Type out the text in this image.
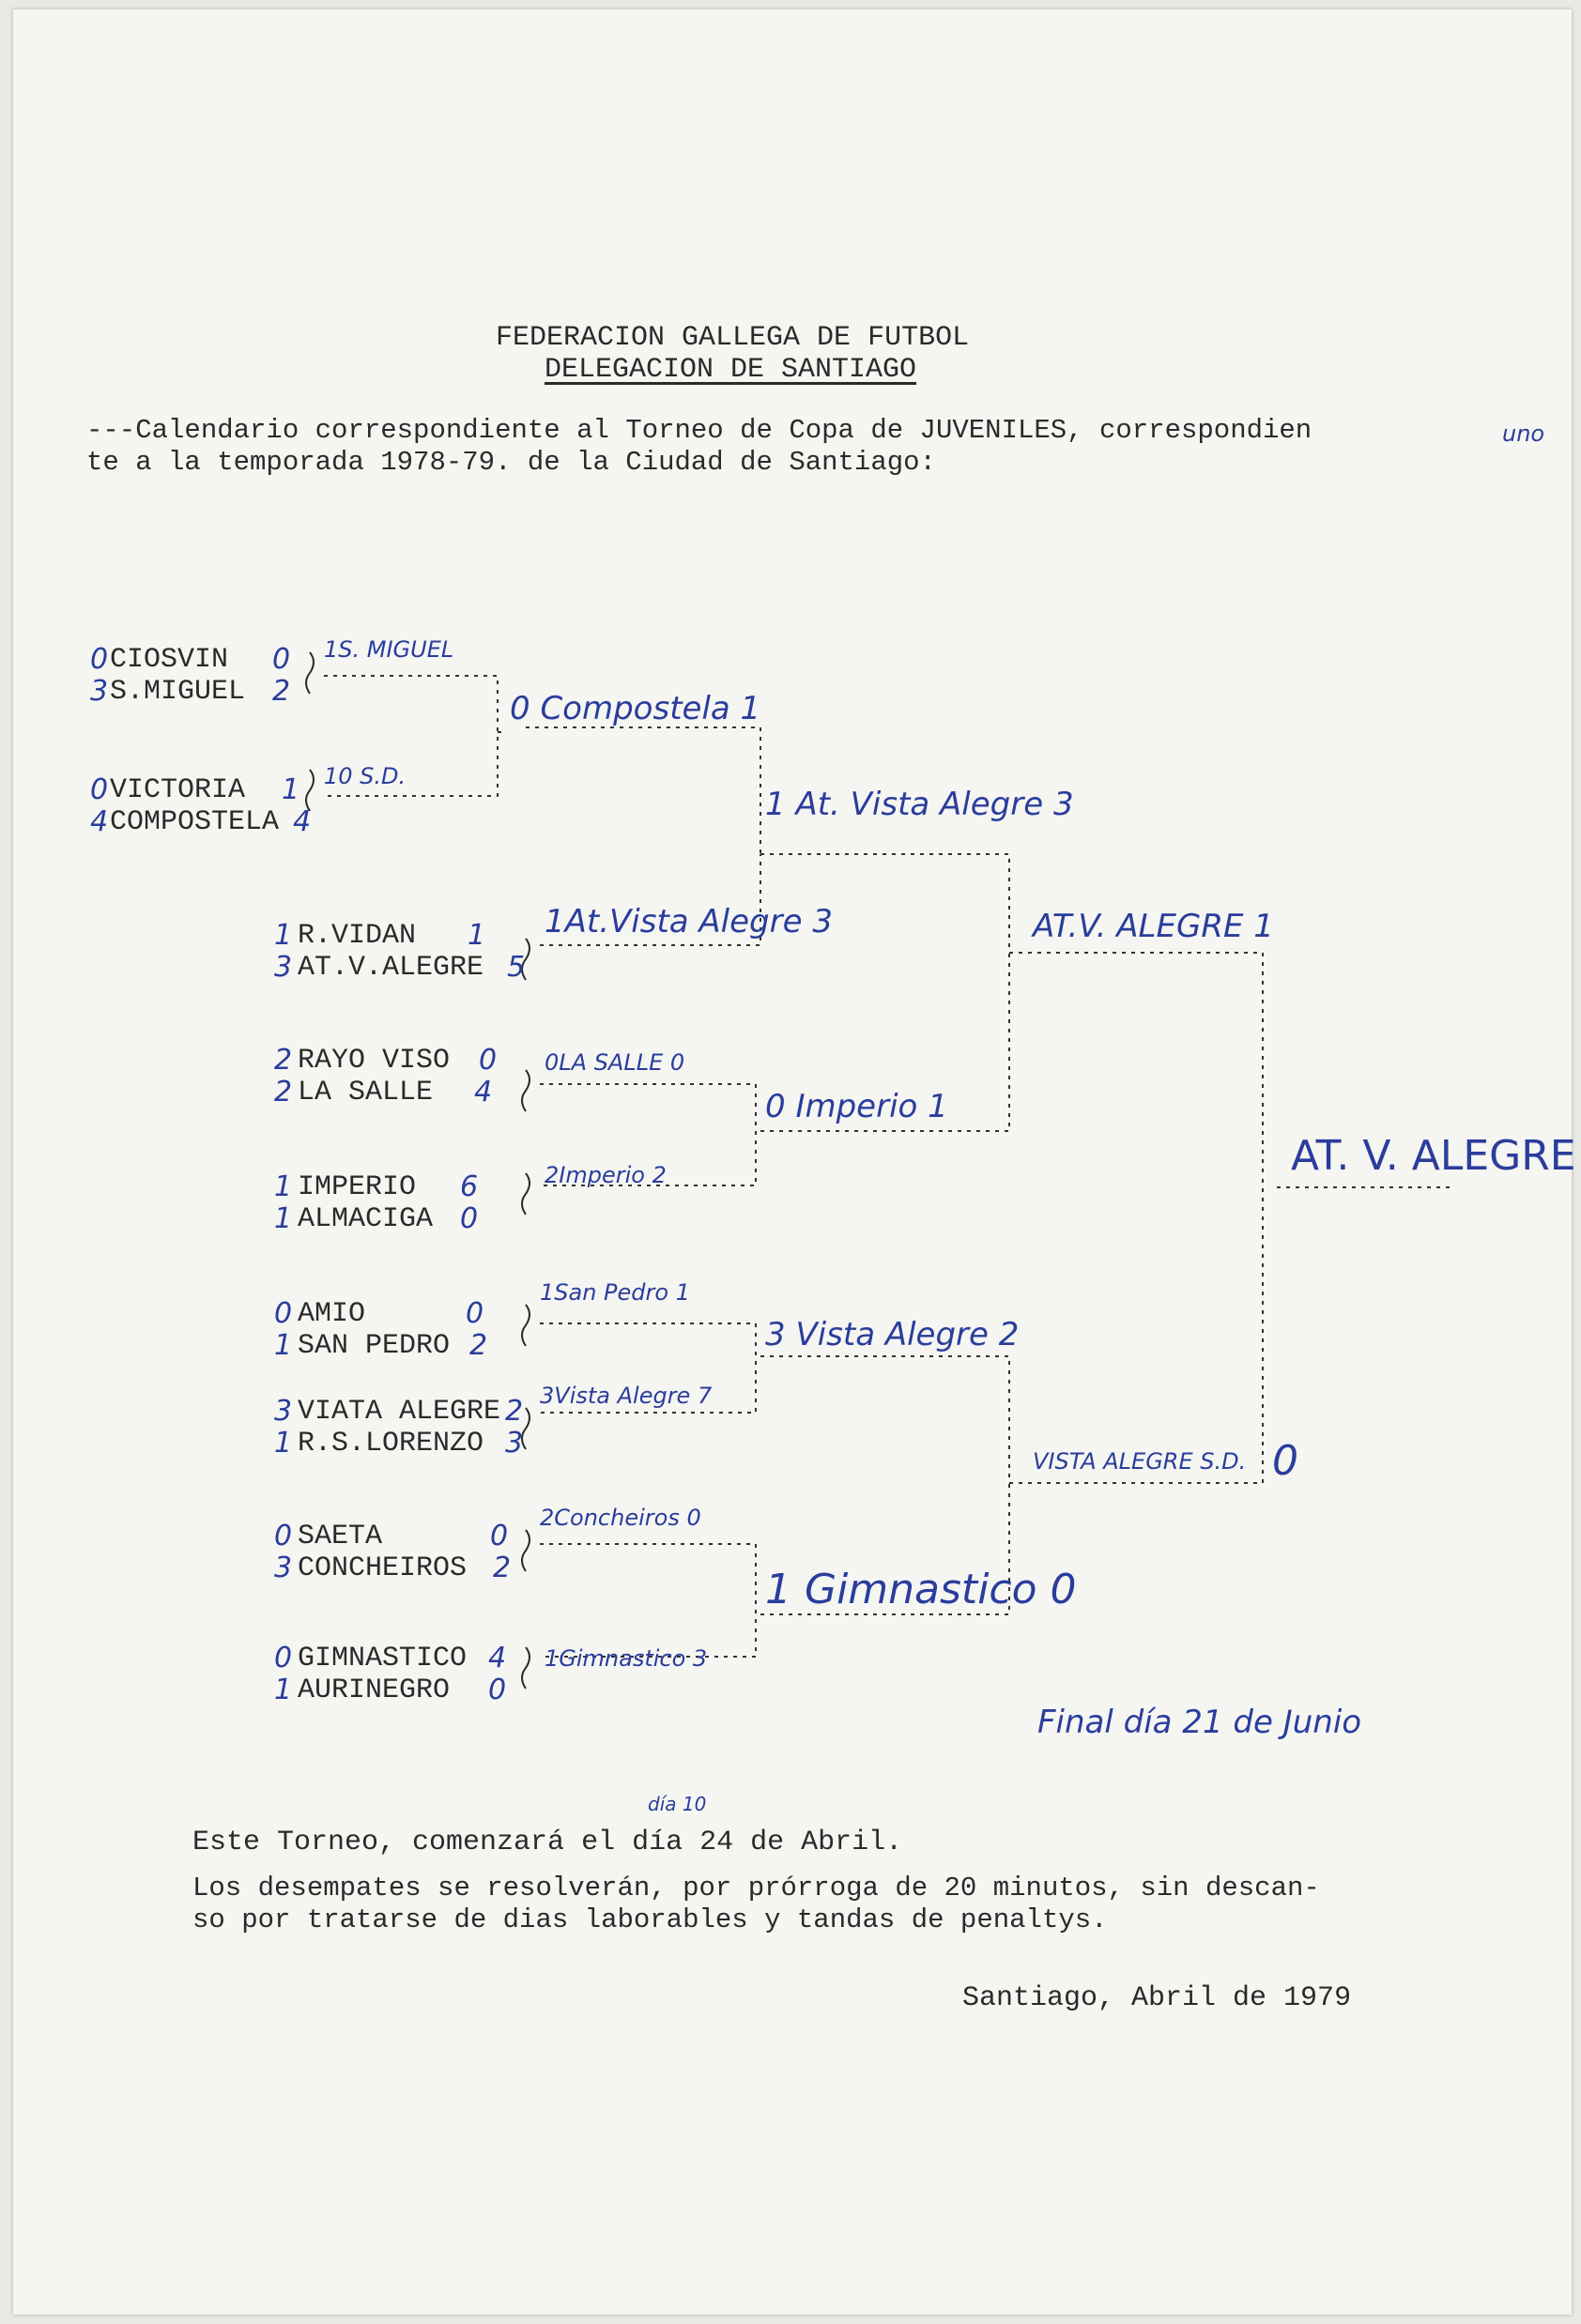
FEDERACION GALLEGA DE FUTBOL
DELEGACION DE SANTIAGO
---Calendario correspondiente al Torneo de Copa de JUVENILES, correspondien	uno
te a la temporada 1978-79. de la Ciudad de Santiago:
0 CIOSVIN 0
3 S.MIGUEL 2
1S. MIGUEL
0 VICTORIA 1
4 COMPOSTELA 4
10 S.D.
1 R.VIDAN 1
3 AT.V.ALEGRE 5
1At.Vista Alegre 3
2 RAYO VISO 0
2 LA SALLE 4
0LA SALLE 0
1 IMPERIO 6
1 ALMACIGA 0
2Imperio 2
0 AMIO	0
1 SAN PEDRO 2
1San Pedro 1
3 VIATA ALEGRE 2
1 R.S.LORENZO 3
3Vista Alegre 7
0 SAETA	0
3 CONCHEIROS 2
2Concheiros 0
0 GIMNASTICO 4
1 AURINEGRO 0
1Gimnastico 3
0 Compostela 1
1 At. Vista Alegre 3
0 Imperio 1
3 Vista Alegre 2
1 Gimnastico 0
AT.V. ALEGRE 1
VISTA ALEGRE S.D. 0
AT. V. ALEGRE
Final día 21 de Junio
día 10
Este Torneo, comenzará el día 24 de Abril.
Los desempates se resolverán, por prórroga de 20 minutos, sin descan-
so por tratarse de dias laborables y tandas de penaltys.
Santiago, Abril de 1979
